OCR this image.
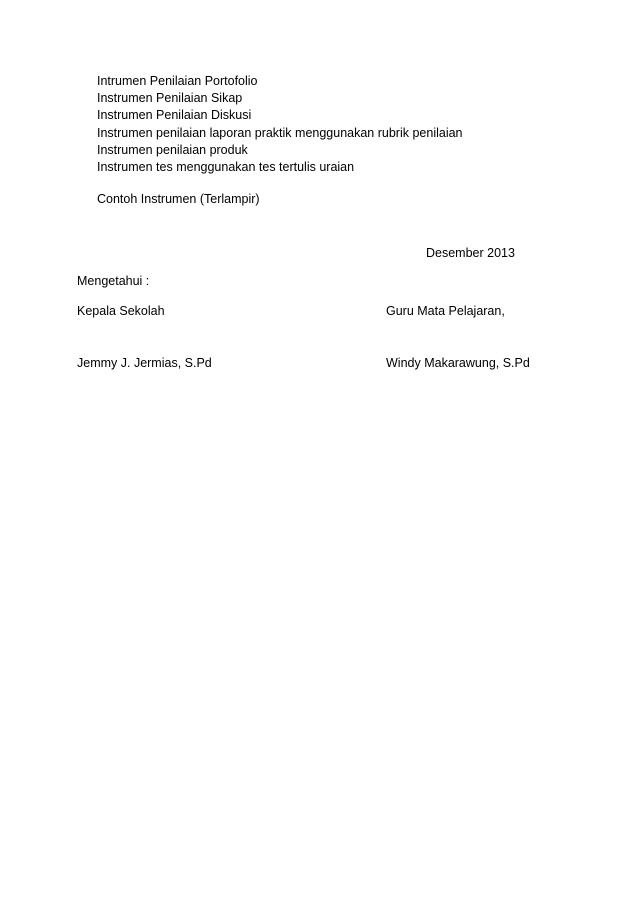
Intrumen Penilaian Portofolio
Instrumen Penilaian Sikap
Instrumen Penilaian Diskusi
Instrumen penilaian laporan praktik menggunakan rubrik penilaian
Instrumen penilaian produk
Instrumen tes menggunakan tes tertulis uraian
Contoh Instrumen (Terlampir)
Desember 2013
Mengetahui :
Kepala Sekolah	Guru Mata Pelajaran,
Jemmy J. Jermias, S.Pd	Windy Makarawung, S.Pd
